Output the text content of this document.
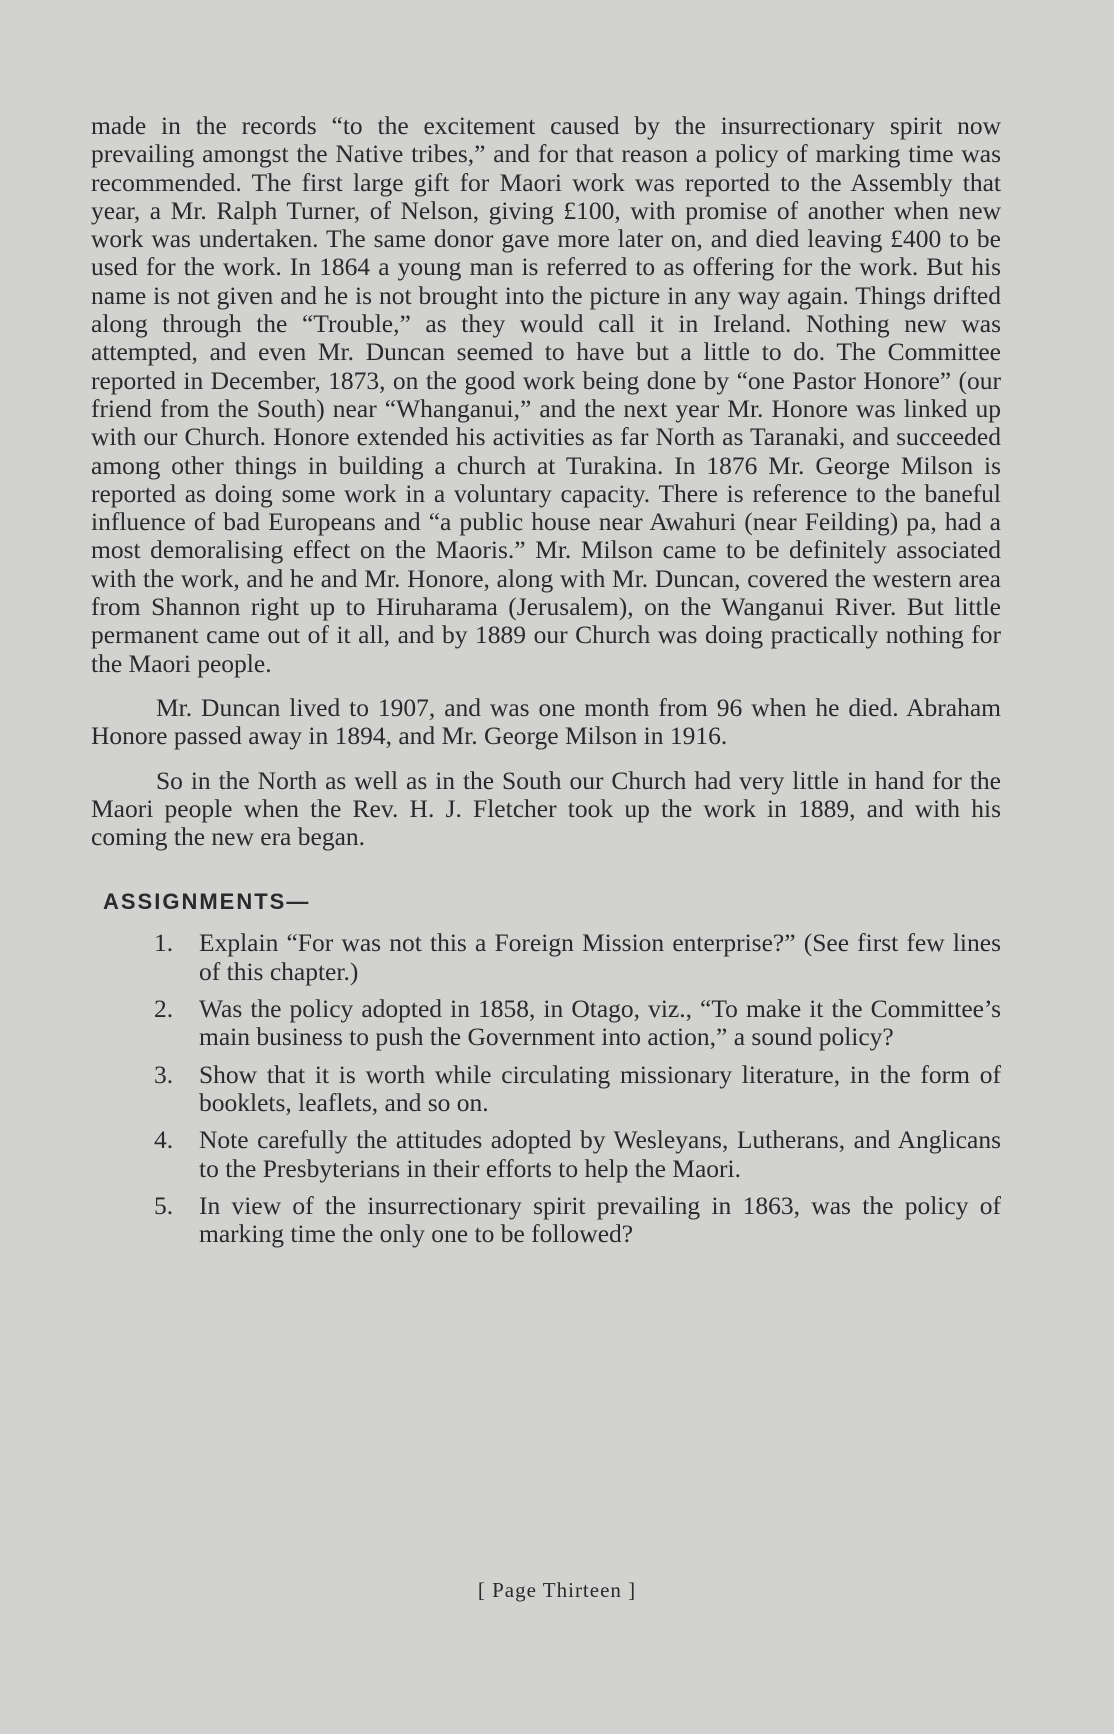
made in the records “to the excitement caused by the insurrectionary spirit now prevailing amongst the Native tribes,” and for that reason a policy of marking time was recommended. The first large gift for Maori work was reported to the Assembly that year, a Mr. Ralph Turner, of Nelson, giving £100, with promise of another when new work was undertaken. The same donor gave more later on, and died leaving £400 to be used for the work. In 1864 a young man is referred to as offering for the work. But his name is not given and he is not brought into the picture in any way again. Things drifted along through the “Trouble,” as they would call it in Ireland. Nothing new was attempted, and even Mr. Duncan seemed to have but a little to do. The Committee reported in December, 1873, on the good work being done by “one Pastor Honore” (our friend from the South) near “Whanganui,” and the next year Mr. Honore was linked up with our Church. Honore extended his activities as far North as Taranaki, and succeeded among other things in building a church at Turakina. In 1876 Mr. George Milson is reported as doing some work in a voluntary capacity. There is reference to the baneful influence of bad Europeans and “a public house near Awahuri (near Feilding) pa, had a most demoralising effect on the Maoris.” Mr. Milson came to be definitely associated with the work, and he and Mr. Honore, along with Mr. Duncan, covered the western area from Shannon right up to Hiruharama (Jerusalem), on the Wanganui River. But little permanent came out of it all, and by 1889 our Church was doing practically nothing for the Maori people.

Mr. Duncan lived to 1907, and was one month from 96 when he died. Abraham Honore passed away in 1894, and Mr. George Milson in 1916.

So in the North as well as in the South our Church had very little in hand for the Maori people when the Rev. H. J. Fletcher took up the work in 1889, and with his coming the new era began.

ASSIGNMENTS—
1. Explain “For was not this a Foreign Mission enterprise?” (See first few lines of this chapter.)
2. Was the policy adopted in 1858, in Otago, viz., “To make it the Committee’s main business to push the Government into action,” a sound policy?
3. Show that it is worth while circulating missionary literature, in the form of booklets, leaflets, and so on.
4. Note carefully the attitudes adopted by Wesleyans, Lutherans, and Anglicans to the Presbyterians in their efforts to help the Maori.
5. In view of the insurrectionary spirit prevailing in 1863, was the policy of marking time the only one to be followed?
[ Page Thirteen ]
